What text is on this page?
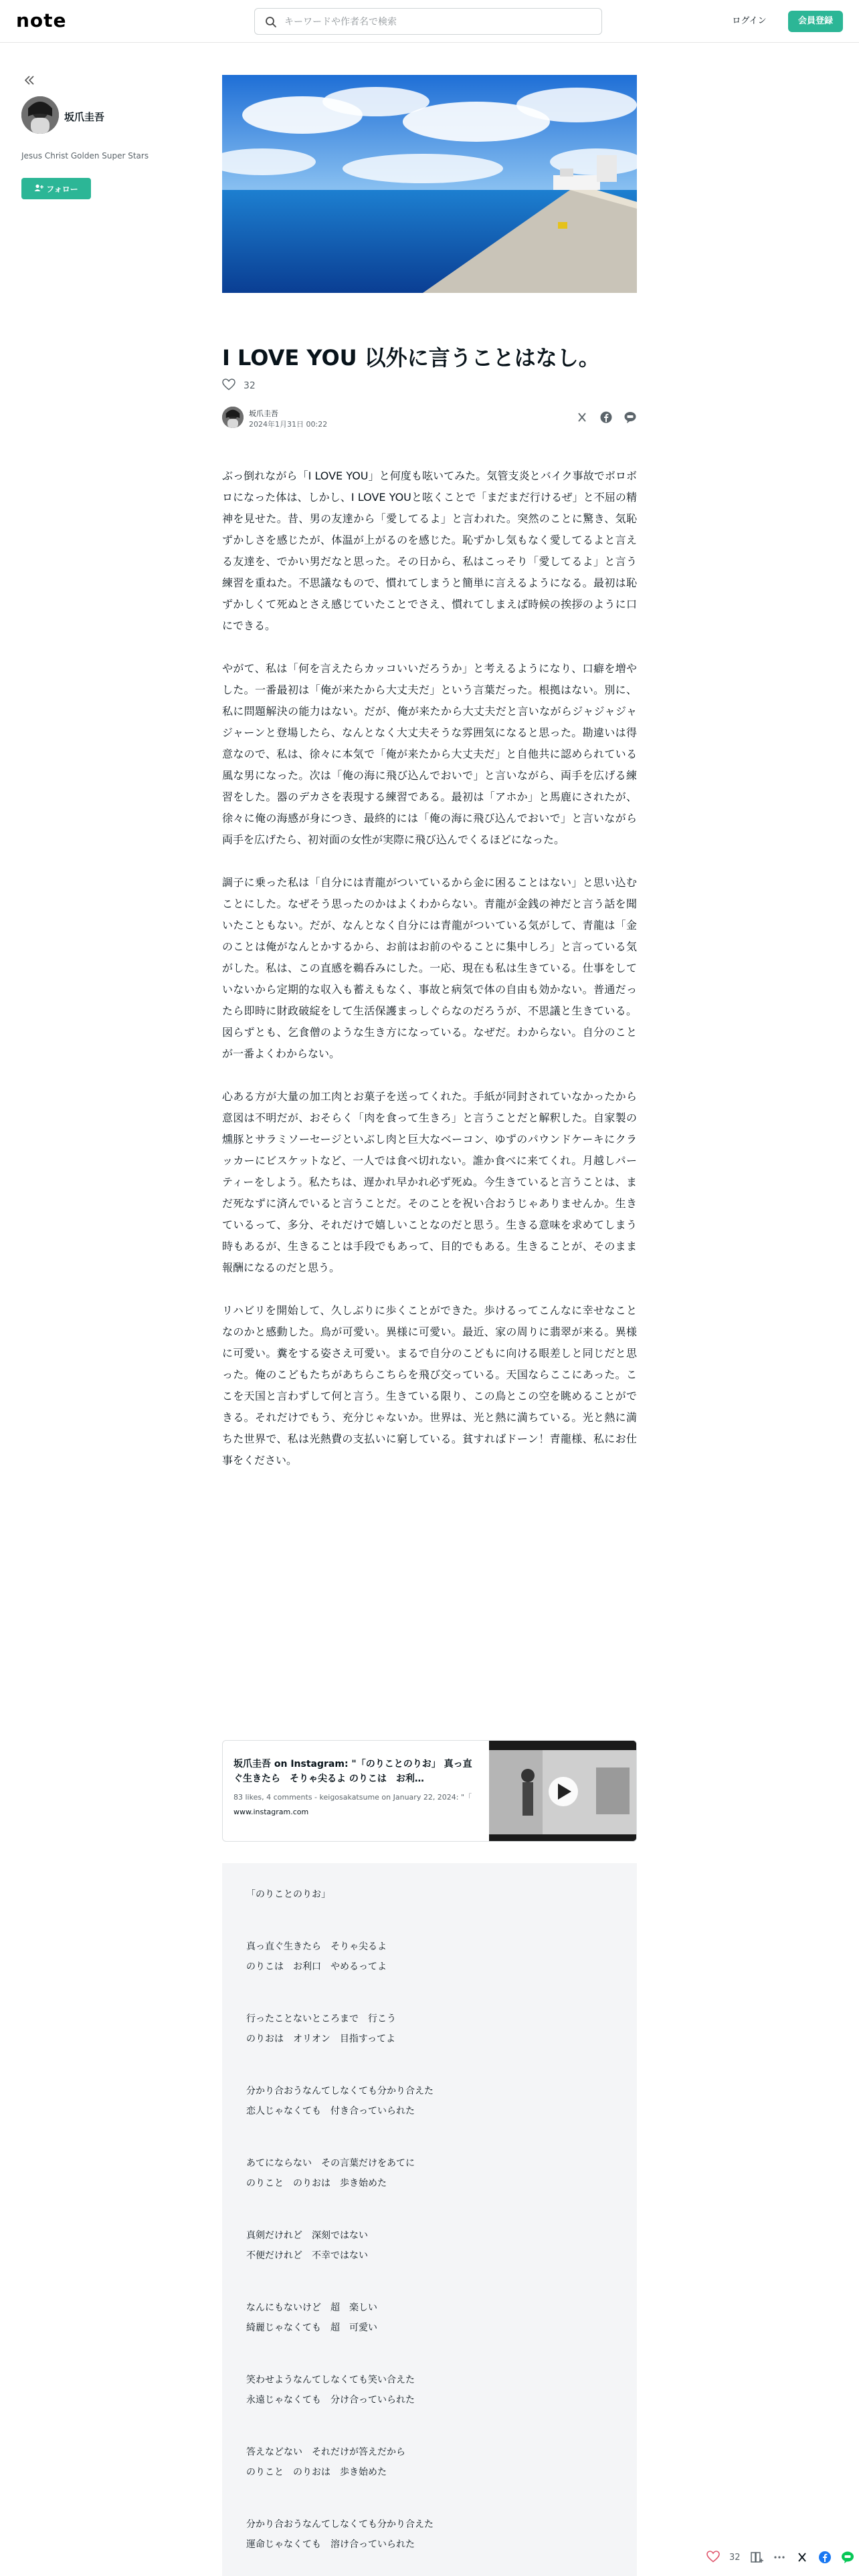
note
キーワードや作者名で検索	ログイン	会員登録
坂爪圭吾
Jesus Christ Golden Super Stars
フォロー
I LOVE YOU 以外に言うことはなし。
32
坂爪圭吾
2024年1月31日 00:22

ぶっ倒れながら「I LOVE YOU」と何度も呟いてみた。気管支炎とバイク事故でボロボロになった体は、しかし、I LOVE YOUと呟くことで「まだまだ行けるぜ」と不屈の精神を見せた。昔、男の友達から「愛してるよ」と言われた。突然のことに驚き、気恥ずかしさを感じたが、体温が上がるのを感じた。恥ずかし気もなく愛してるよと言える友達を、でかい男だなと思った。その日から、私はこっそり「愛してるよ」と言う練習を重ねた。不思議なもので、慣れてしまうと簡単に言えるようになる。最初は恥ずかしくて死ぬとさえ感じていたことでさえ、慣れてしまえば時候の挨拶のように口にできる。

やがて、私は「何を言えたらカッコいいだろうか」と考えるようになり、口癖を増やした。一番最初は「俺が来たから大丈夫だ」という言葉だった。根拠はない。別に、私に問題解決の能力はない。だが、俺が来たから大丈夫だと言いながらジャジャジャジャーンと登場したら、なんとなく大丈夫そうな雰囲気になると思った。勘違いは得意なので、私は、徐々に本気で「俺が来たから大丈夫だ」と自他共に認められている風な男になった。次は「俺の海に飛び込んでおいで」と言いながら、両手を広げる練習をした。器のデカさを表現する練習である。最初は「アホか」と馬鹿にされたが、徐々に俺の海感が身につき、最終的には「俺の海に飛び込んでおいで」と言いながら両手を広げたら、初対面の女性が実際に飛び込んでくるほどになった。

調子に乗った私は「自分には青龍がついているから金に困ることはない」と思い込むことにした。なぜそう思ったのかはよくわからない。青龍が金銭の神だと言う話を聞いたこともない。だが、なんとなく自分には青龍がついている気がして、青龍は「金のことは俺がなんとかするから、お前はお前のやることに集中しろ」と言っている気がした。私は、この直感を鵜呑みにした。一応、現在も私は生きている。仕事をしていないから定期的な収入も蓄えもなく、事故と病気で体の自由も効かない。普通だったら即時に財政破綻をして生活保護まっしぐらなのだろうが、不思議と生きている。図らずとも、乞食僧のような生き方になっている。なぜだ。わからない。自分のことが一番よくわからない。

心ある方が大量の加工肉とお菓子を送ってくれた。手紙が同封されていなかったから意図は不明だが、おそらく「肉を食って生きろ」と言うことだと解釈した。自家製の燻豚とサラミソーセージといぶし肉と巨大なベーコン、ゆずのパウンドケーキにクラッカーにビスケットなど、一人では食べ切れない。誰か食べに来てくれ。月越しパーティーをしよう。私たちは、遅かれ早かれ必ず死ぬ。今生きていると言うことは、まだ死なずに済んでいると言うことだ。そのことを祝い合おうじゃありませんか。生きているって、多分、それだけで嬉しいことなのだと思う。生きる意味を求めてしまう時もあるが、生きることは手段でもあって、目的でもある。生きることが、そのまま報酬になるのだと思う。

リハビリを開始して、久しぶりに歩くことができた。歩けるってこんなに幸せなことなのかと感動した。鳥が可愛い。異様に可愛い。最近、家の周りに翡翠が来る。異様に可愛い。糞をする姿さえ可愛い。まるで自分のこどもに向ける眼差しと同じだと思った。俺のこどもたちがあちらこちらを飛び交っている。天国ならここにあった。ここを天国と言わずして何と言う。生きている限り、この鳥とこの空を眺めることができる。それだけでもう、充分じゃないか。世界は、光と熱に満ちている。光と熱に満ちた世界で、私は光熱費の支払いに窮している。貧すればドーン！青龍様、私にお仕事をください。

坂爪圭吾 on Instagram: "「のりことのりお」 真っ直ぐ生きたら　そりゃ尖るよ のりこは　お利…
83 likes, 4 comments - keigosakatsume on January 22, 2024: "「
www.instagram.com
「のりことのりお」
真っ直ぐ生きたら　そりゃ尖るよ
のりこは　お利口　やめるってよ
行ったことないところまで　行こう
のりおは　オリオン　目指すってよ
分かり合おうなんてしなくても分かり合えた
恋人じゃなくても　付き合っていられた
あてにならない　その言葉だけをあてに
のりこと　のりおは　歩き始めた
真剣だけれど　深刻ではない
不便だけれど　不幸ではない
なんにもないけど　超　楽しい
綺麗じゃなくても　超　可愛い
笑わせようなんてしなくても笑い合えた
永遠じゃなくても　分け合っていられた
答えなどない　それだけが答えだから
のりこと　のりおは　歩き始めた
分かり合おうなんてしなくても分かり合えた
運命じゃなくても　溶け合っていられた
32
